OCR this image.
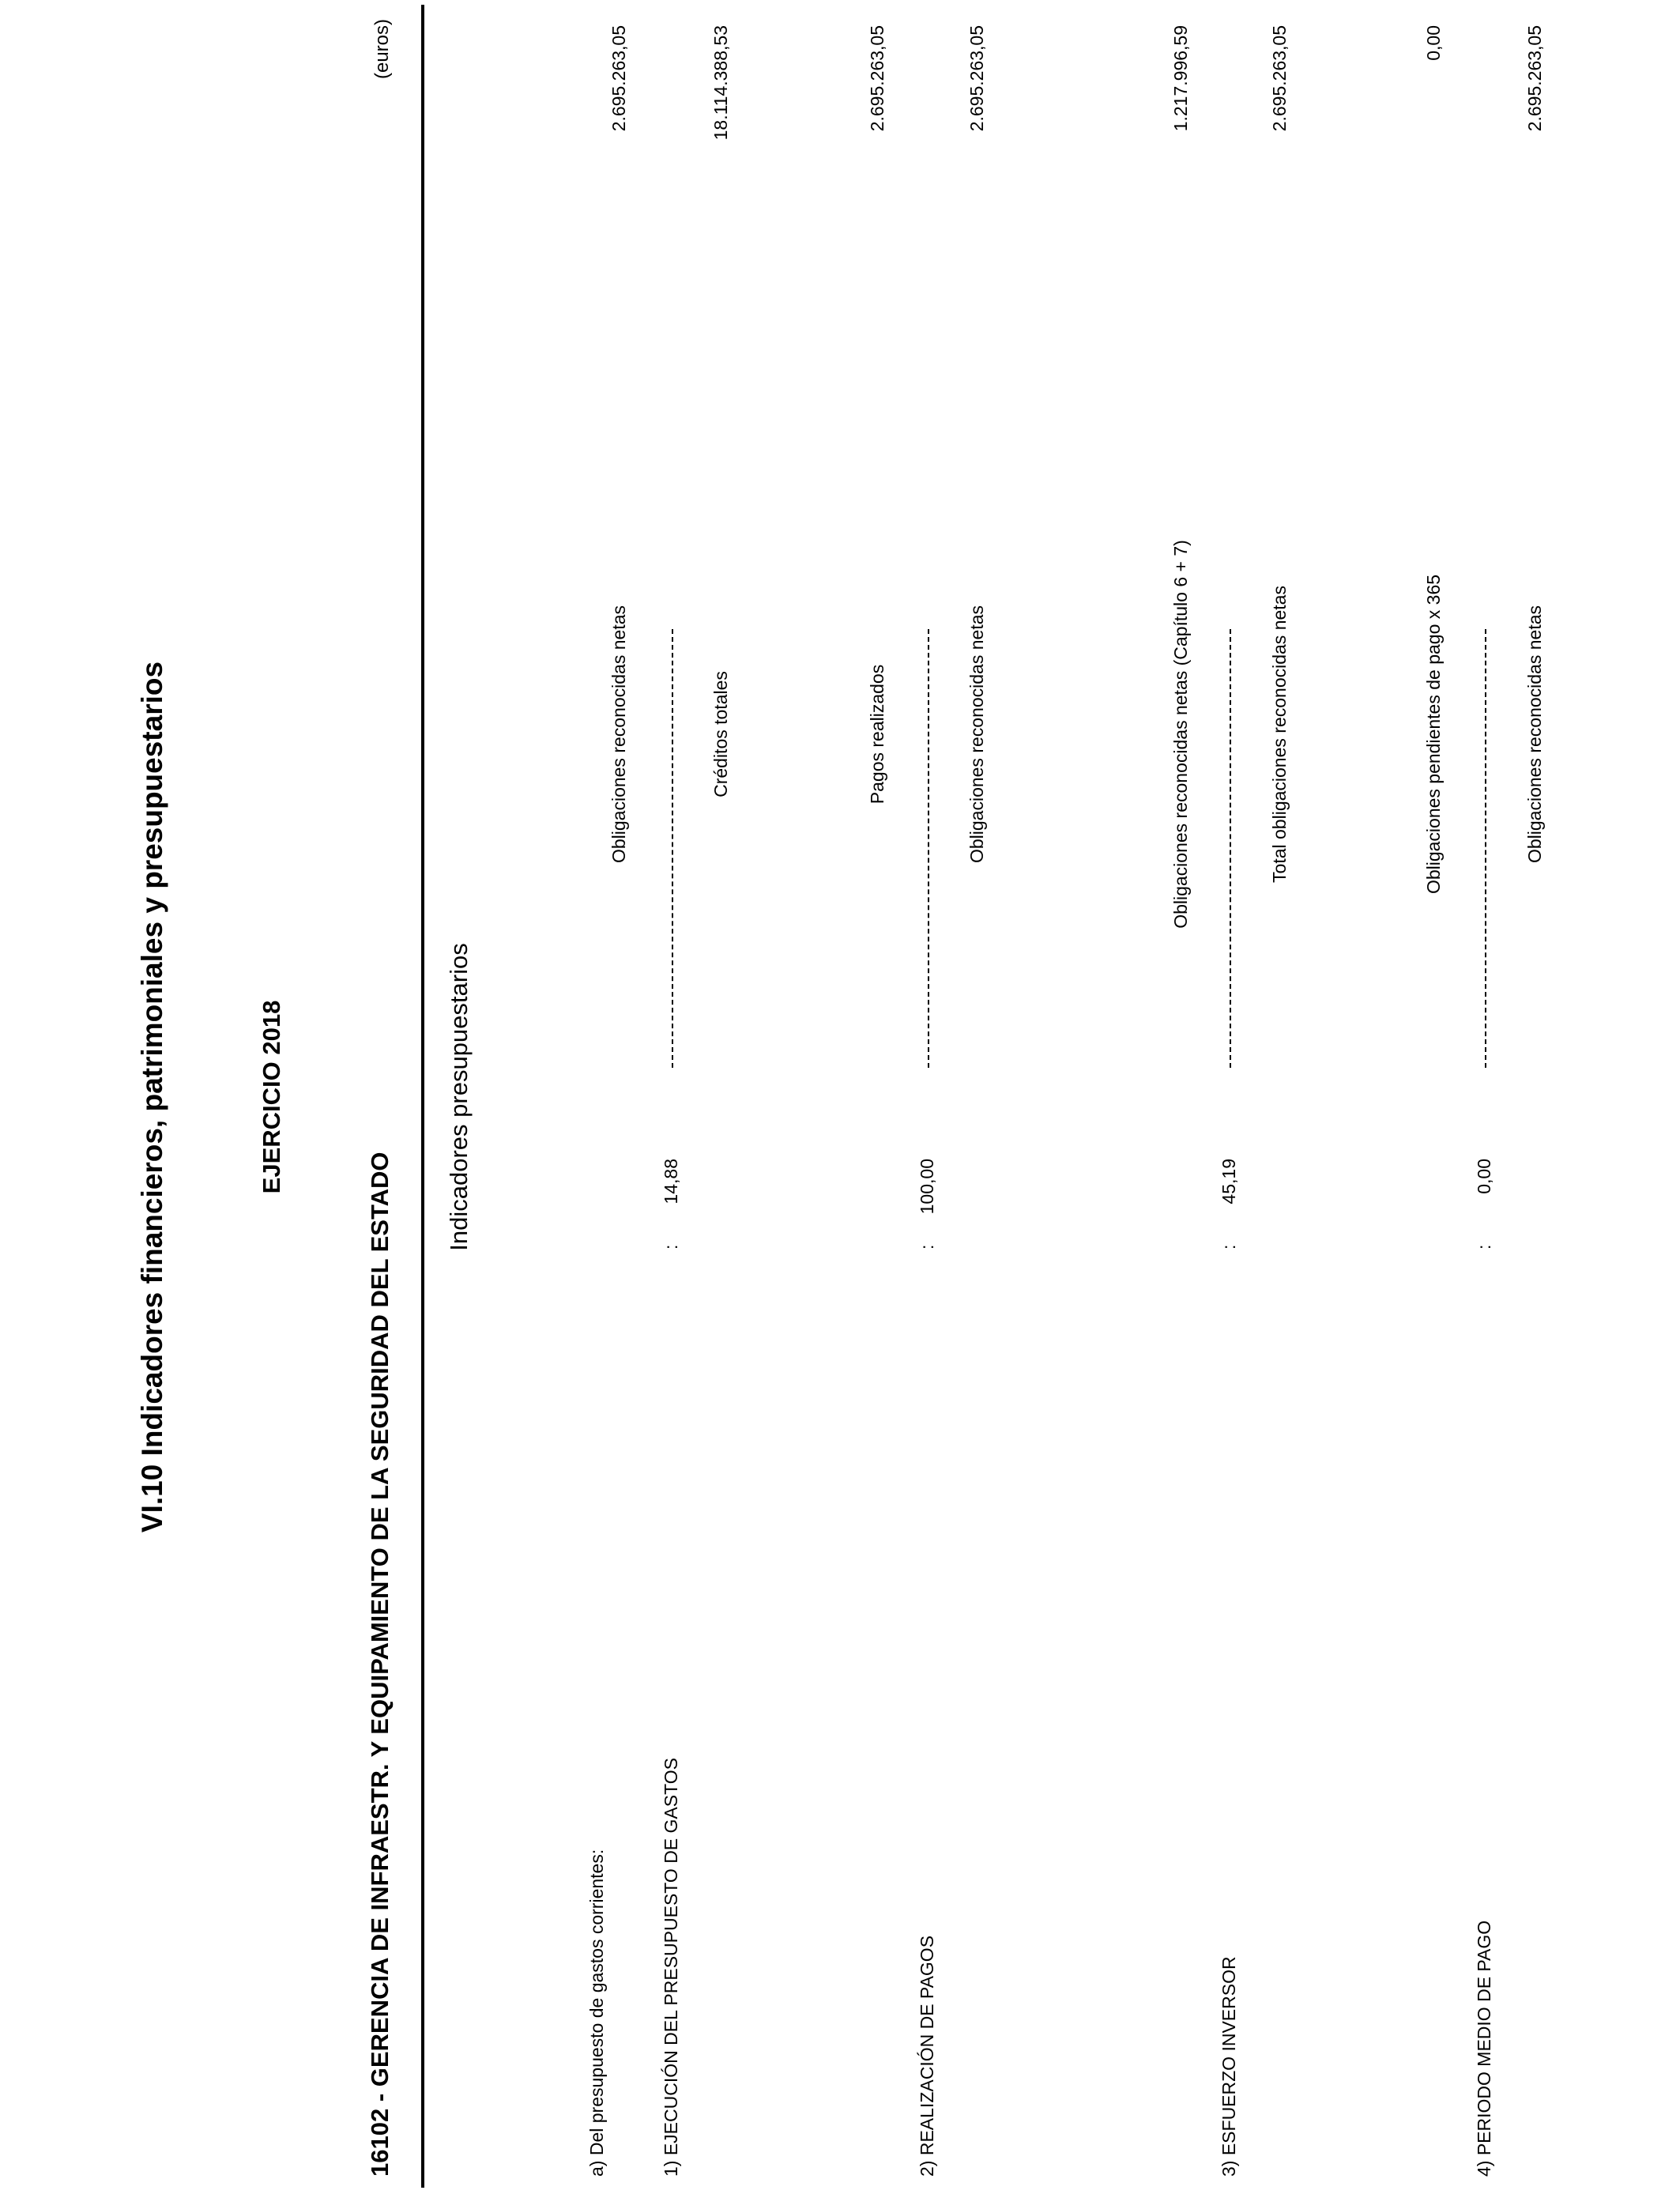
VI.10 Indicadores financieros, patrimoniales y presupuestarios	EJERCICIO 2018
16102 - GERENCIA DE INFRAESTR. Y EQUIPAMIENTO DE LA SEGURIDAD DEL ESTADO
(euros)
Indicadores presupuestarios
a) Del presupuesto de gastos corrientes:
Obligaciones reconocidas netas
2.695.263,05
1) EJECUCIÓN DEL PRESUPUESTO DE GASTOS
14,88
:
Créditos totales
18.114.388,53
Pagos realizados
2.695.263,05
2) REALIZACIÓN DE PAGOS
100,00
:
Obligaciones reconocidas netas
2.695.263,05
Obligaciones reconocidas netas (Capítulo 6 + 7)
1.217.996,59
3) ESFUERZO INVERSOR
45,19
:
Total obligaciones reconocidas netas
2.695.263,05
Obligaciones pendientes de pago x 365
0,00
4) PERIODO MEDIO DE PAGO
0,00
:
Obligaciones reconocidas netas
2.695.263,05
